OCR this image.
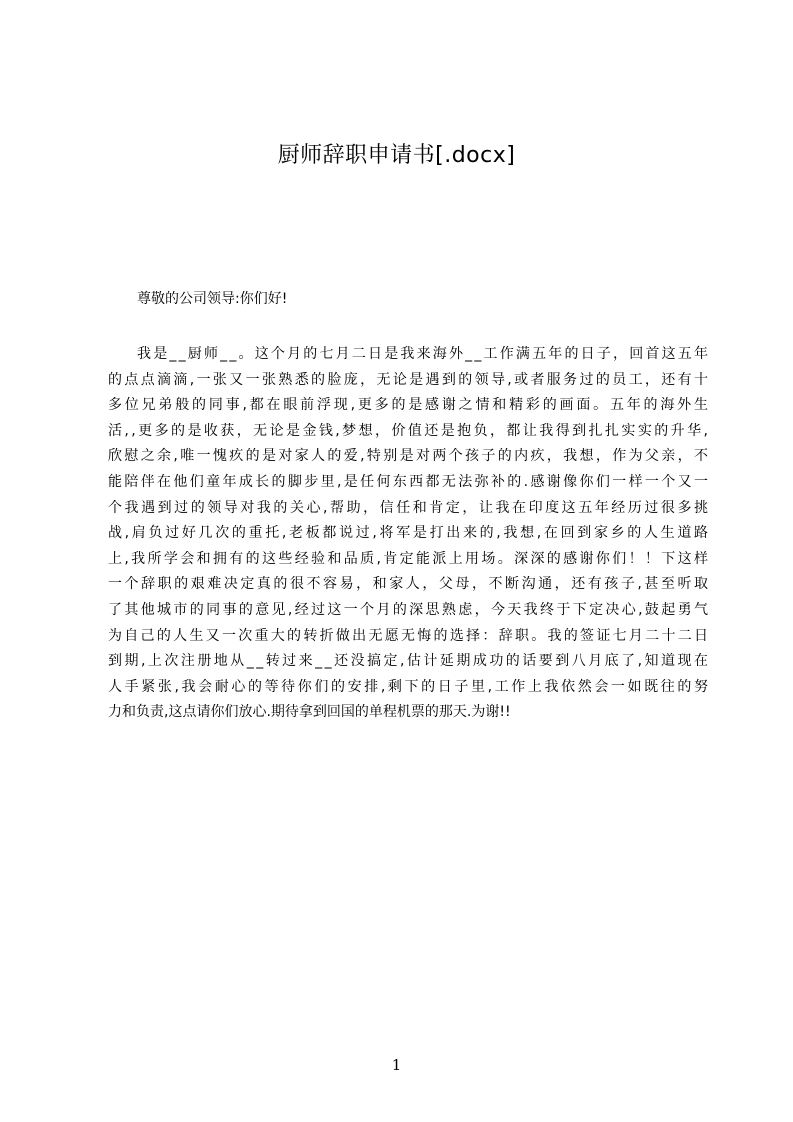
厨师辞职申请书[.docx]
尊敬的公司领导:你们好!
我是__厨师__。这个月的七月二日是我来海外__工作满五年的日子，回首这五年
的点点滴滴,一张又一张熟悉的脸庞，无论是遇到的领导,或者服务过的员工，还有十
多位兄弟般的同事,都在眼前浮现,更多的是感谢之情和精彩的画面。五年的海外生
活,,更多的是收获，无论是金钱,梦想，价值还是抱负，都让我得到扎扎实实的升华,
欣慰之余,唯一愧疚的是对家人的爱,特别是对两个孩子的内疚，我想，作为父亲，不
能陪伴在他们童年成长的脚步里,是任何东西都无法弥补的.感谢像你们一样一个又一
个我遇到过的领导对我的关心,帮助，信任和肯定，让我在印度这五年经历过很多挑
战,肩负过好几次的重托,老板都说过,将军是打出来的,我想,在回到家乡的人生道路
上,我所学会和拥有的这些经验和品质,肯定能派上用场。深深的感谢你们！！下这样
一个辞职的艰难决定真的很不容易，和家人，父母，不断沟通，还有孩子,甚至听取
了其他城市的同事的意见,经过这一个月的深思熟虑，今天我终于下定决心,鼓起勇气
为自己的人生又一次重大的转折做出无愿无悔的选择：辞职。我的签证七月二十二日
到期,上次注册地从__转过来__还没搞定,估计延期成功的话要到八月底了,知道现在
人手紧张,我会耐心的等待你们的安排,剩下的日子里,工作上我依然会一如既往的努
力和负责,这点请你们放心.期待拿到回国的单程机票的那天.为谢!!
1
